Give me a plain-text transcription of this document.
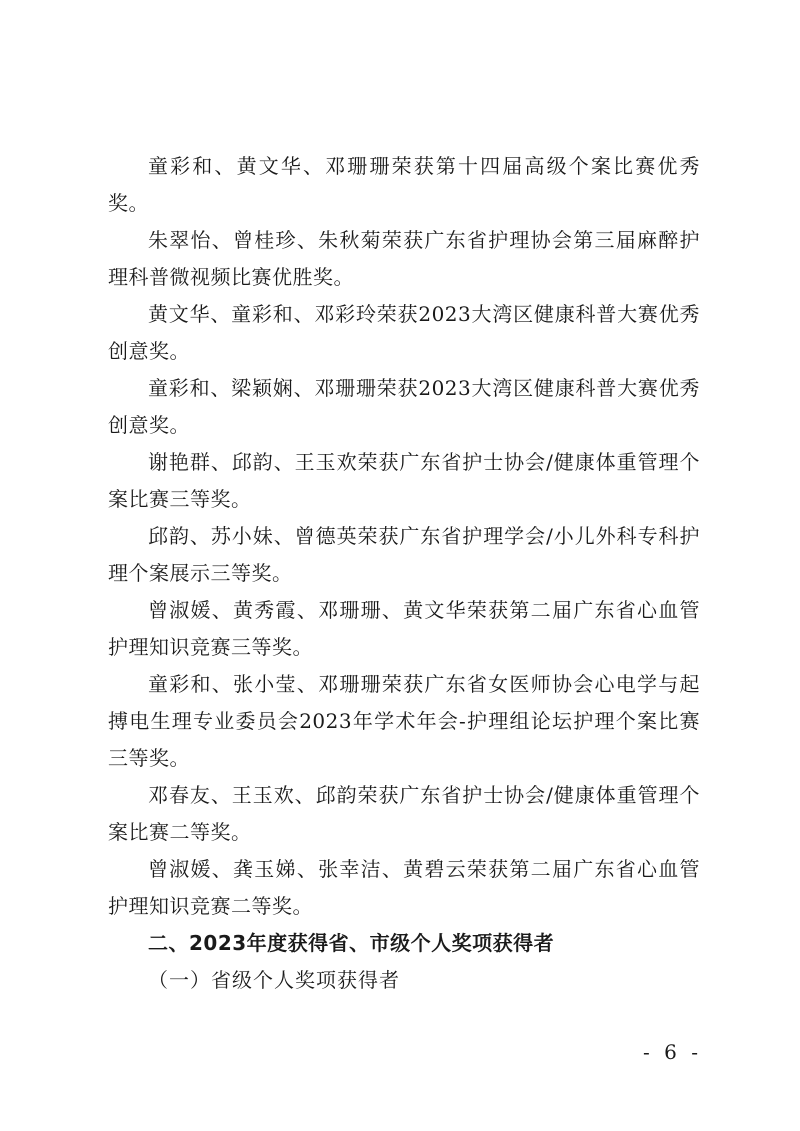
童彩和、黄文华、邓珊珊荣获第十四届高级个案比赛优秀奖。

朱翠怡、曾桂珍、朱秋菊荣获广东省护理协会第三届麻醉护理科普微视频比赛优胜奖。

黄文华、童彩和、邓彩玲荣获2023大湾区健康科普大赛优秀创意奖。

童彩和、梁颖娴、邓珊珊荣获2023大湾区健康科普大赛优秀创意奖。

谢艳群、邱韵、王玉欢荣获广东省护士协会/健康体重管理个案比赛三等奖。

邱韵、苏小妹、曾德英荣获广东省护理学会/小儿外科专科护理个案展示三等奖。

曾淑媛、黄秀霞、邓珊珊、黄文华荣获第二届广东省心血管护理知识竞赛三等奖。

童彩和、张小莹、邓珊珊荣获广东省女医师协会心电学与起搏电生理专业委员会2023年学术年会-护理组论坛护理个案比赛三等奖。

邓春友、王玉欢、邱韵荣获广东省护士协会/健康体重管理个案比赛二等奖。

曾淑媛、龚玉娣、张幸洁、黄碧云荣获第二届广东省心血管护理知识竞赛二等奖。

二、2023年度获得省、市级个人奖项获得者

（一）省级个人奖项获得者

- 6 -
